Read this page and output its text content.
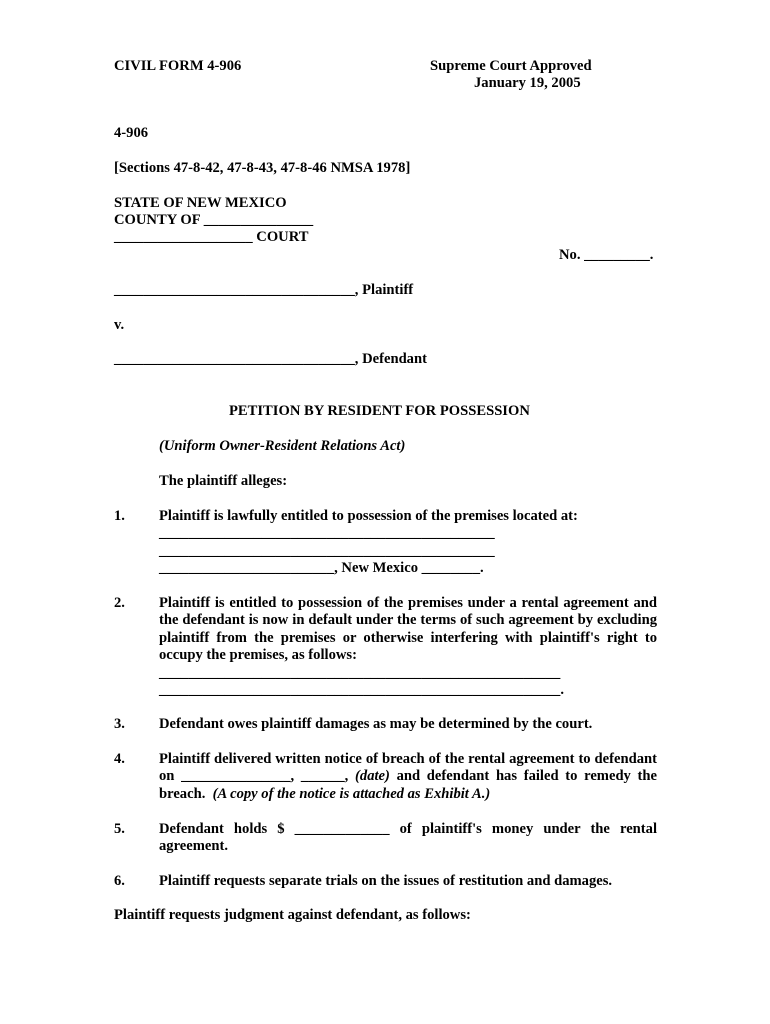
CIVIL FORM 4-906	Supreme Court Approved
January 19, 2005
4-906
[Sections 47-8-42, 47-8-43, 47-8-46 NMSA 1978]
STATE OF NEW MEXICO
COUNTY OF _______________
___________________ COURT
No. _________.
_________________________________, Plaintiff
v.
_________________________________, Defendant
PETITION BY RESIDENT FOR POSSESSION
(Uniform Owner-Resident Relations Act)
The plaintiff alleges:
1. Plaintiff is lawfully entitled to possession of the premises located at:
______________________________________________
______________________________________________
________________________, New Mexico ________.
2. Plaintiff is entitled to possession of the premises under a rental agreement and the defendant is now in default under the terms of such agreement by excluding plaintiff from the premises or otherwise interfering with plaintiff's right to occupy the premises, as follows:
_______________________________________________________
_______________________________________________________.
3. Defendant owes plaintiff damages as may be determined by the court.
4. Plaintiff delivered written notice of breach of the rental agreement to defendant on _______________, ______, (date) and defendant has failed to remedy the breach. (A copy of the notice is attached as Exhibit A.)
5. Defendant holds $ _____________ of plaintiff's money under the rental agreement.
6. Plaintiff requests separate trials on the issues of restitution and damages.
Plaintiff requests judgment against defendant, as follows:
